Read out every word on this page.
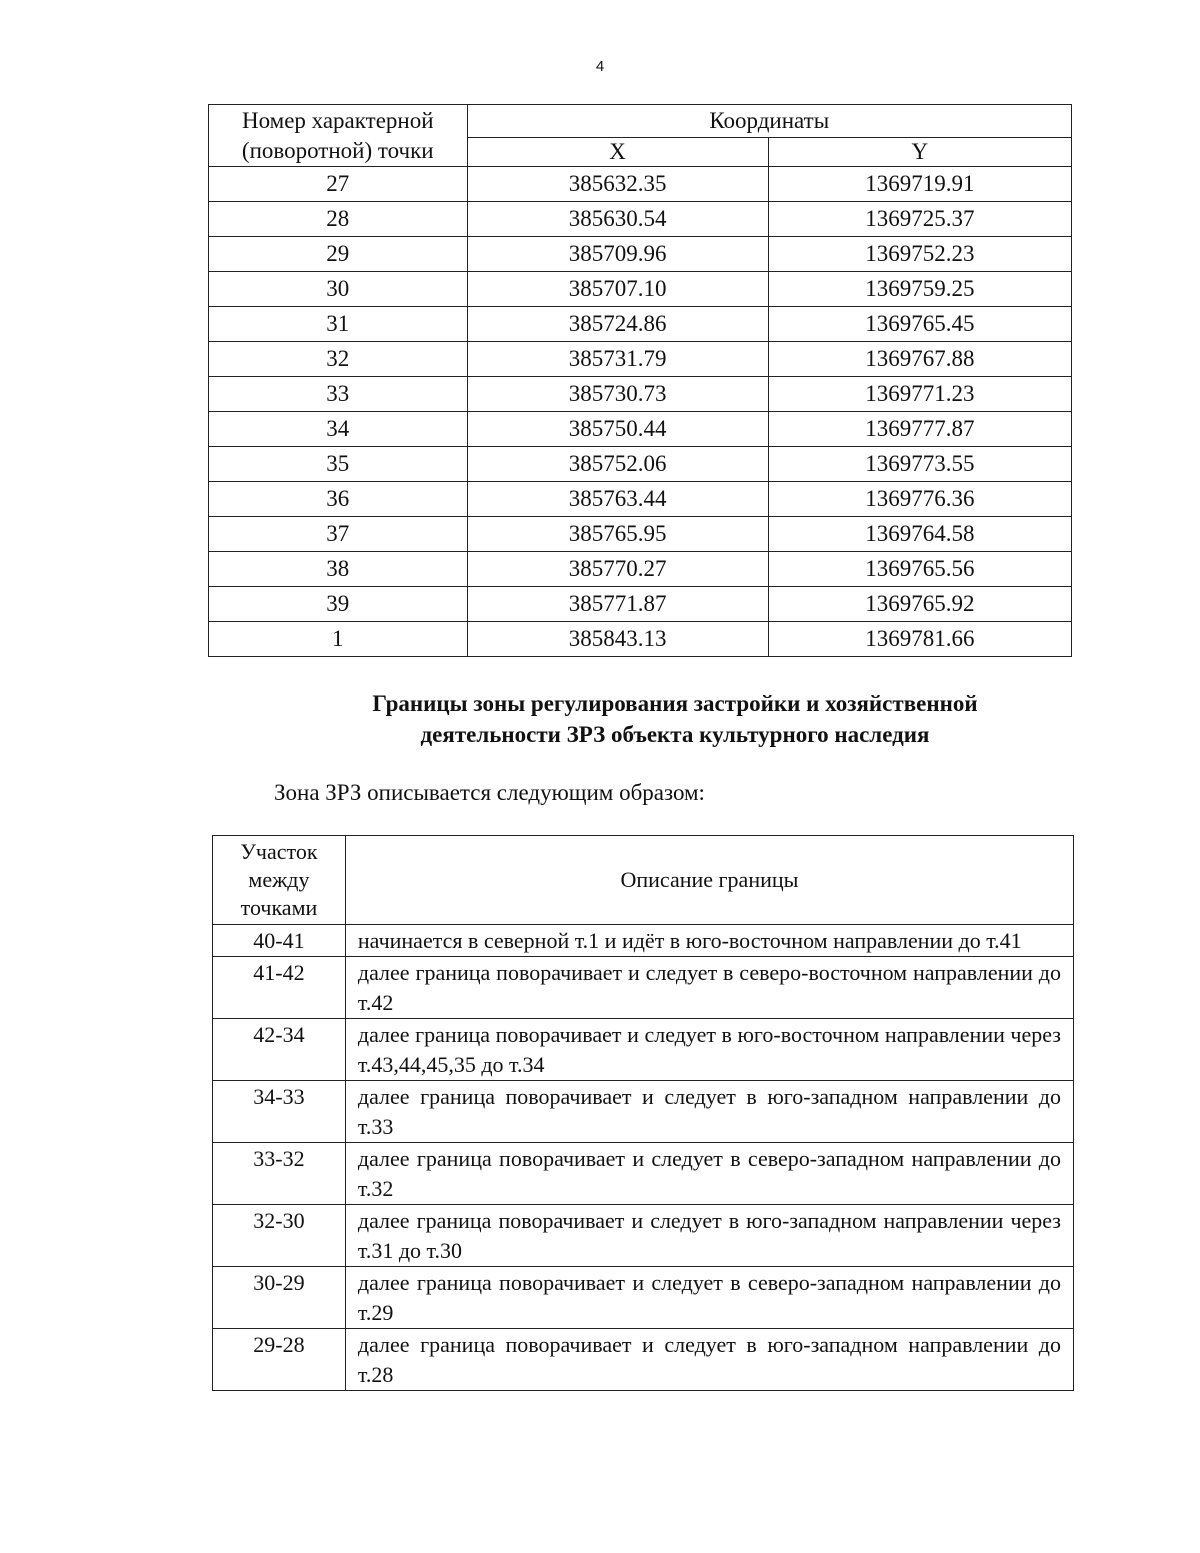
4
Номер характерной
(поворотной) точки	Координаты	
	X	Y
27	385632.35	1369719.91
28	385630.54	1369725.37
29	385709.96	1369752.23
30	385707.10	1369759.25
31	385724.86	1369765.45
32	385731.79	1369767.88
33	385730.73	1369771.23
34	385750.44	1369777.87
35	385752.06	1369773.55
36	385763.44	1369776.36
37	385765.95	1369764.58
38	385770.27	1369765.56
39	385771.87	1369765.92
1	385843.13	1369781.66
Границы зоны регулирования застройки и хозяйственной
деятельности ЗРЗ объекта культурного наследия
Зона ЗРЗ описывается следующим образом:
Участок
между
точками	Описание границы
40-41	начинается в северной т.1 и идёт в юго-восточном направлении до т.41
41-42	далее граница поворачивает и следует в северо-восточном направлении до т.42
42-34	далее граница поворачивает и следует в юго-восточном направлении через т.43,44,45,35 до т.34
34-33	далее граница поворачивает и следует в юго-западном направлении до т.33
33-32	далее граница поворачивает и следует в северо-западном направлении до т.32
32-30	далее граница поворачивает и следует в юго-западном направлении через т.31 до т.30
30-29	далее граница поворачивает и следует в северо-западном направлении до т.29
29-28	далее граница поворачивает и следует в юго-западном направлении до т.28
